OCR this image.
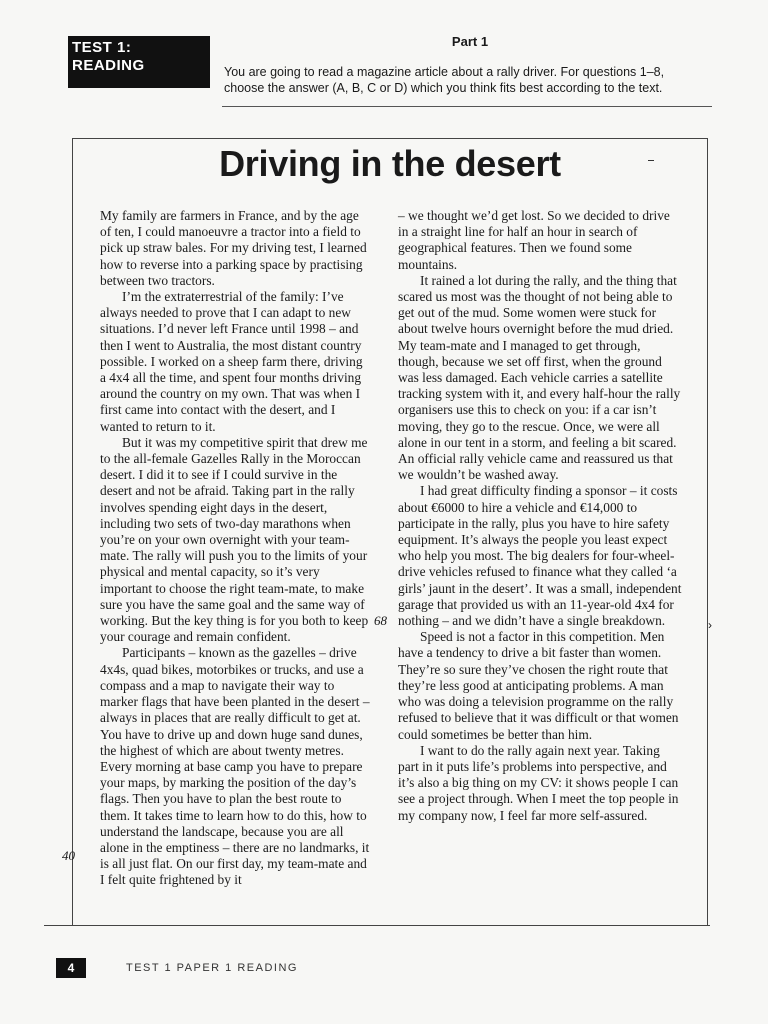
TEST 1:
READING
Part 1
You are going to read a magazine article about a rally driver. For questions 1–8, choose the answer (A, B, C or D) which you think fits best according to the text.
Driving in the desert

My family are farmers in France, and by the age of ten, I could manoeuvre a tractor into a field to pick up straw bales. For my driving test, I learned how to reverse into a parking space by practising between two tractors.

I’m the extraterrestrial of the family: I’ve always needed to prove that I can adapt to new situations. I’d never left France until 1998 – and then I went to Australia, the most distant country possible. I worked on a sheep farm there, driving a 4x4 all the time, and spent four months driving around the country on my own. That was when I first came into contact with the desert, and I wanted to return to it.

But it was my competitive spirit that drew me to the all-female Gazelles Rally in the Moroccan desert. I did it to see if I could survive in the desert and not be afraid. Taking part in the rally involves spending eight days in the desert, including two sets of two-day marathons when you’re on your own overnight with your team-mate. The rally will push you to the limits of your physical and mental capacity, so it’s very important to choose the right team-mate, to make sure you have the same goal and the same way of working. But the key thing is for you both to keep your courage and remain confident.

Participants – known as the gazelles – drive 4x4s, quad bikes, motorbikes or trucks, and use a compass and a map to navigate their way to marker flags that have been planted in the desert – always in places that are really difficult to get at. You have to drive up and down huge sand dunes, the highest of which are about twenty metres. Every morning at base camp you have to prepare your maps, by marking the position of the day’s flags. Then you have to plan the best route to them. It takes time to learn how to do this, how to understand the landscape, because you are all alone in the emptiness – there are no landmarks, it is all just flat. On our first day, my team-mate and I felt quite frightened by it

– we thought we’d get lost. So we decided to drive in a straight line for half an hour in search of geographical features. Then we found some mountains.

It rained a lot during the rally, and the thing that scared us most was the thought of not being able to get out of the mud. Some women were stuck for about twelve hours overnight before the mud dried. My team-mate and I managed to get through, though, because we set off first, when the ground was less damaged. Each vehicle carries a satellite tracking system with it, and every half-hour the rally organisers use this to check on you: if a car isn’t moving, they go to the rescue. Once, we were all alone in our tent in a storm, and feeling a bit scared. An official rally vehicle came and reassured us that we wouldn’t be washed away.

I had great difficulty finding a sponsor – it costs about €6000 to hire a vehicle and €14,000 to participate in the rally, plus you have to hire safety equipment. It’s always the people you least expect who help you most. The big dealers for four-wheel-drive vehicles refused to finance what they called ‘a girls’ jaunt in the desert’. It was a small, independent garage that provided us with an 11-year-old 4x4 for nothing – and we didn’t have a single breakdown.

Speed is not a factor in this competition. Men have a tendency to drive a bit faster than women. They’re so sure they’ve chosen the right route that they’re less good at anticipating problems. A man who was doing a television programme on the rally refused to believe that it was difficult or that women could sometimes be better than him.

I want to do the rally again next year. Taking part in it puts life’s problems into perspective, and it’s also a big thing on my CV: it shows people I can see a project through. When I meet the top people in my company now, I feel far more self-assured.

68
40
›
4	TEST 1 PAPER 1 READING
